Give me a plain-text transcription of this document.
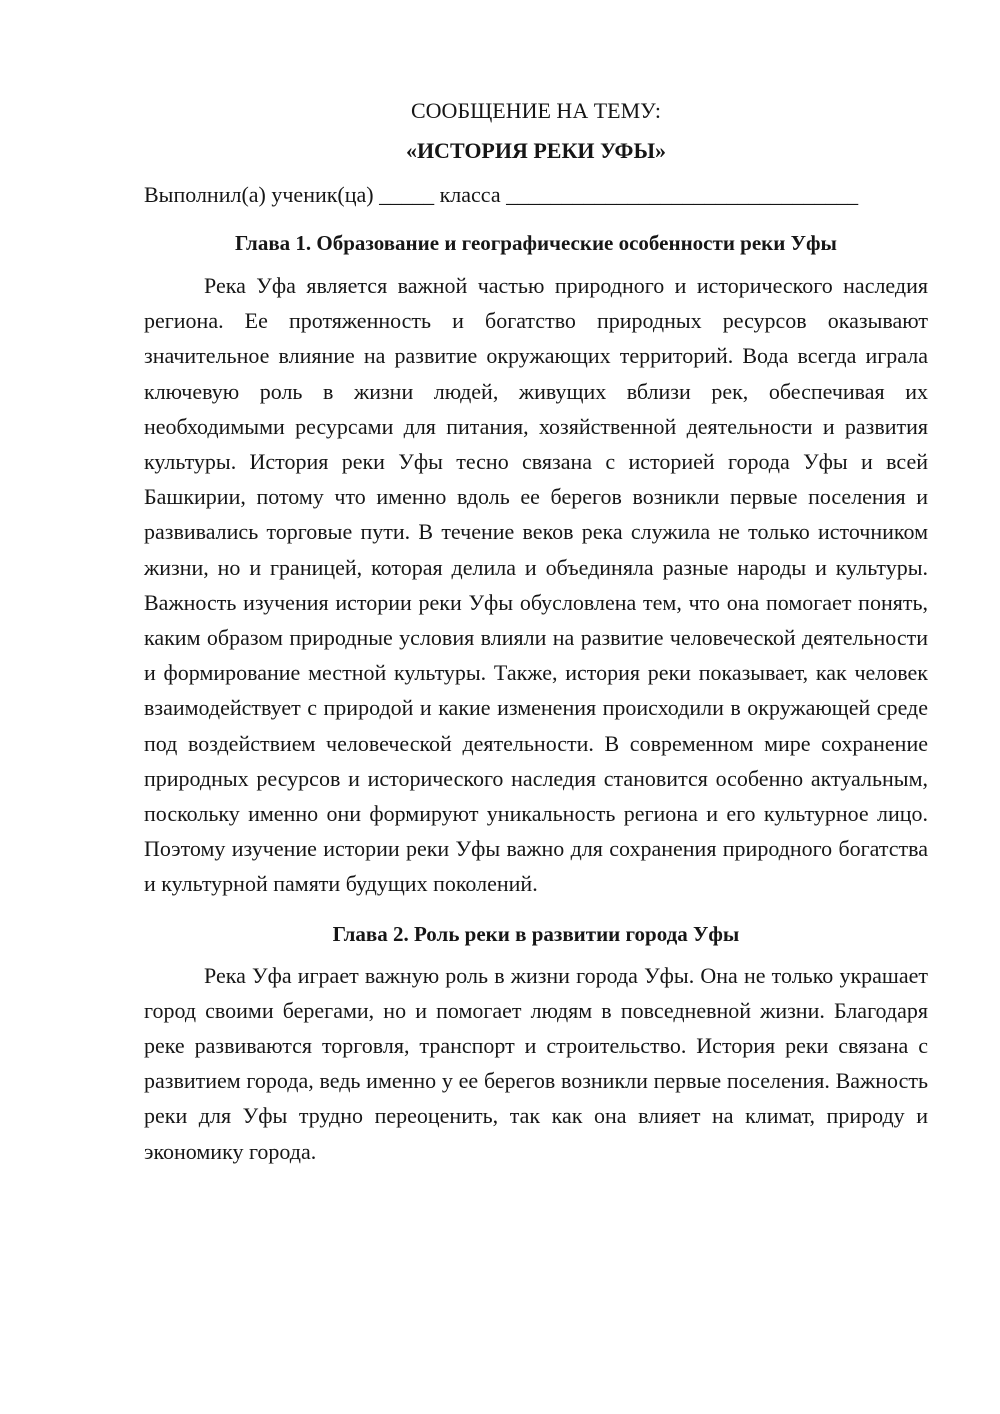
СООБЩЕНИЕ НА ТЕМУ:

«ИСТОРИЯ РЕКИ УФЫ»

Выполнил(а) ученик(ца) _____ класса ________________________________
Глава 1. Образование и географические особенности реки Уфы

Река Уфа является важной частью природного и исторического наследия региона. Ее протяженность и богатство природных ресурсов оказывают значительное влияние на развитие окружающих территорий. Вода всегда играла ключевую роль в жизни людей, живущих вблизи рек, обеспечивая их необходимыми ресурсами для питания, хозяйственной деятельности и развития культуры. История реки Уфы тесно связана с историей города Уфы и всей Башкирии, потому что именно вдоль ее берегов возникли первые поселения и развивались торговые пути. В течение веков река служила не только источником жизни, но и границей, которая делила и объединяла разные народы и культуры. Важность изучения истории реки Уфы обусловлена тем, что она помогает понять, каким образом природные условия влияли на развитие человеческой деятельности и формирование местной культуры. Также, история реки показывает, как человек взаимодействует с природой и какие изменения происходили в окружающей среде под воздействием человеческой деятельности. В современном мире сохранение природных ресурсов и исторического наследия становится особенно актуальным, поскольку именно они формируют уникальность региона и его культурное лицо. Поэтому изучение истории реки Уфы важно для сохранения природного богатства и культурной памяти будущих поколений.

Глава 2. Роль реки в развитии города Уфы

Река Уфа играет важную роль в жизни города Уфы. Она не только украшает город своими берегами, но и помогает людям в повседневной жизни. Благодаря реке развиваются торговля, транспорт и строительство. История реки связана с развитием города, ведь именно у ее берегов возникли первые поселения. Важность реки для Уфы трудно переоценить, так как она влияет на климат, природу и экономику города.
